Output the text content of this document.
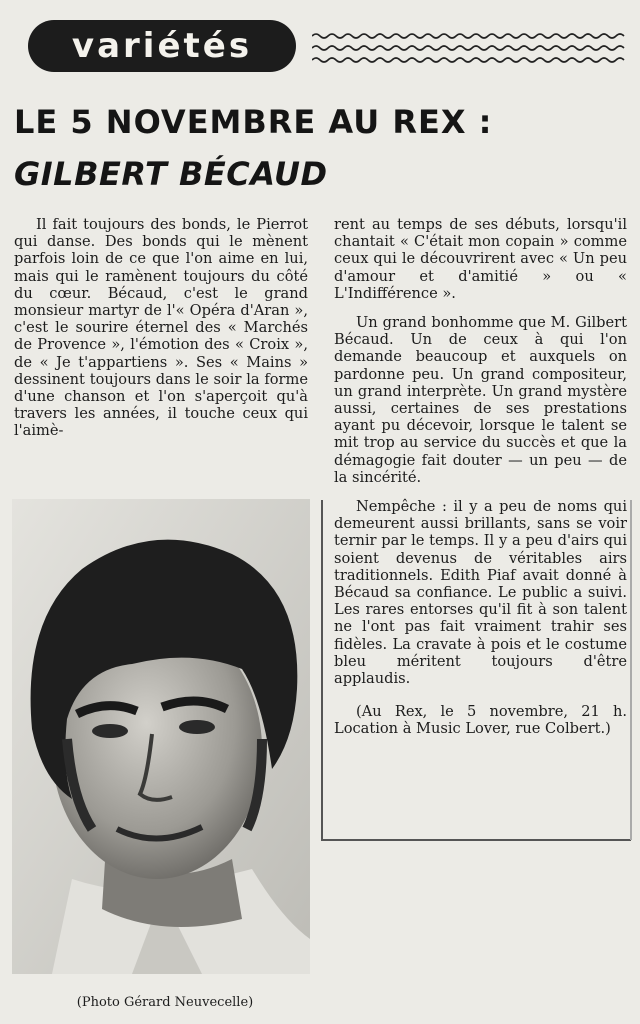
variétés
LE 5 NOVEMBRE AU REX :
GILBERT BÉCAUD

Il fait toujours des bonds, le Pierrot qui danse. Des bonds qui le mènent parfois loin de ce que l'on aime en lui, mais qui le ramènent toujours du côté du cœur. Bécaud, c'est le grand monsieur martyr de l'« Opéra d'Aran », c'est le sourire éternel des « Marchés de Provence », l'émotion des « Croix », de « Je t'appartiens ». Ses « Mains » dessinent toujours dans le soir la forme d'une chanson et l'on s'aperçoit qu'à travers les années, il touche ceux qui l'aimè-

rent au temps de ses débuts, lorsqu'il chantait « C'était mon copain » comme ceux qui le découvrirent avec « Un peu d'amour et d'amitié » ou « L'Indifférence ».

Un grand bonhomme que M. Gilbert Bécaud. Un de ceux à qui l'on demande beaucoup et auxquels on pardonne peu. Un grand compositeur, un grand interprète. Un grand mystère aussi, certaines de ses prestations ayant pu décevoir, lorsque le talent se mit trop au service du succès et que la démagogie fait douter — un peu — de la sincérité.

Nempêche : il y a peu de noms qui demeurent aussi brillants, sans se voir ternir par le temps. Il y a peu d'airs qui soient devenus de véritables airs traditionnels. Edith Piaf avait donné à Bécaud sa confiance. Le public a suivi. Les rares entorses qu'il fit à son talent ne l'ont pas fait vraiment trahir ses fidèles. La cravate à pois et le costume bleu méritent toujours d'être applaudis.

(Au Rex, le 5 novembre, 21 h. Location à Music Lover, rue Colbert.)

(Photo Gérard Neuvecelle)
